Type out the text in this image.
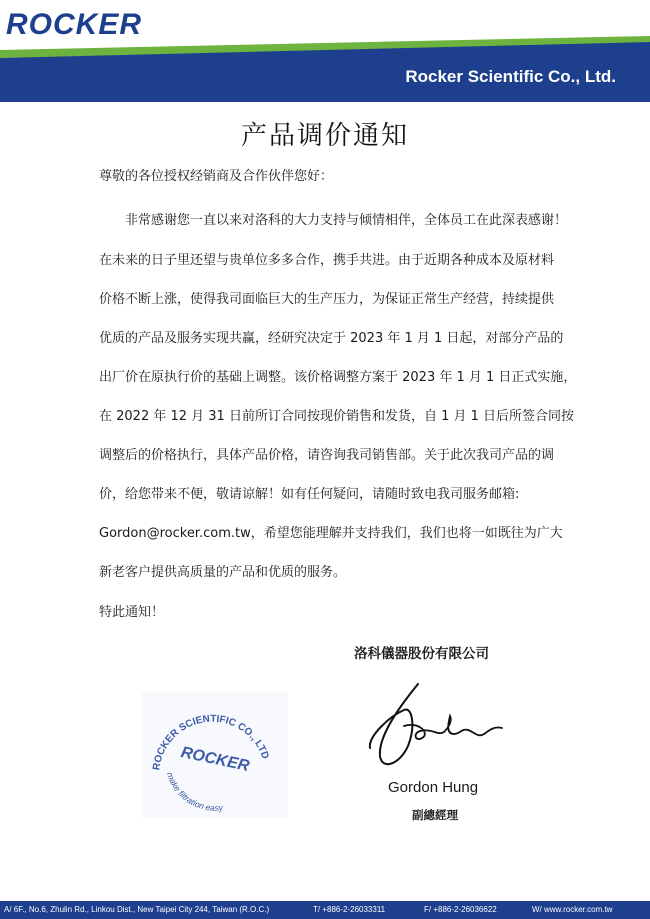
ROCKER
Rocker Scientific Co., Ltd.
产品调价通知
尊敬的各位授权经销商及合作伙伴您好：
非常感谢您一直以来对洛科的大力支持与倾情相伴，全体员工在此深表感谢！
在未来的日子里还望与贵单位多多合作，携手共进。由于近期各种成本及原材料
价格不断上涨，使得我司面临巨大的生产压力，为保证正常生产经营，持续提供
优质的产品及服务实现共赢，经研究决定于 2023 年 1 月 1 日起，对部分产品的
出厂价在原执行价的基础上调整。该价格调整方案于 2023 年 1 月 1 日正式实施，
在 2022 年 12 月 31 日前所订合同按现价销售和发货，自 1 月 1 日后所签合同按
调整后的价格执行，具体产品价格，请咨询我司销售部。关于此次我司产品的调
价，给您带来不便，敬请谅解！如有任何疑问，请随时致电我司服务邮箱:
Gordon@rocker.com.tw，希望您能理解并支持我们，我们也将一如既往为广大
新老客户提供高质量的产品和优质的服务。
特此通知！
洛科儀器股份有限公司
ROCKER SCIENTIFIC CO., LTD
ROCKER
make filtration easy
Gordon Hung
副總經理
A/ 6F., No.6, Zhulin Rd., Linkou Dist., New Taipei City 244, Taiwan (R.O.C.)	T/ +886-2-26033311	F/ +886-2-26036622	W/ www.rocker.com.tw
